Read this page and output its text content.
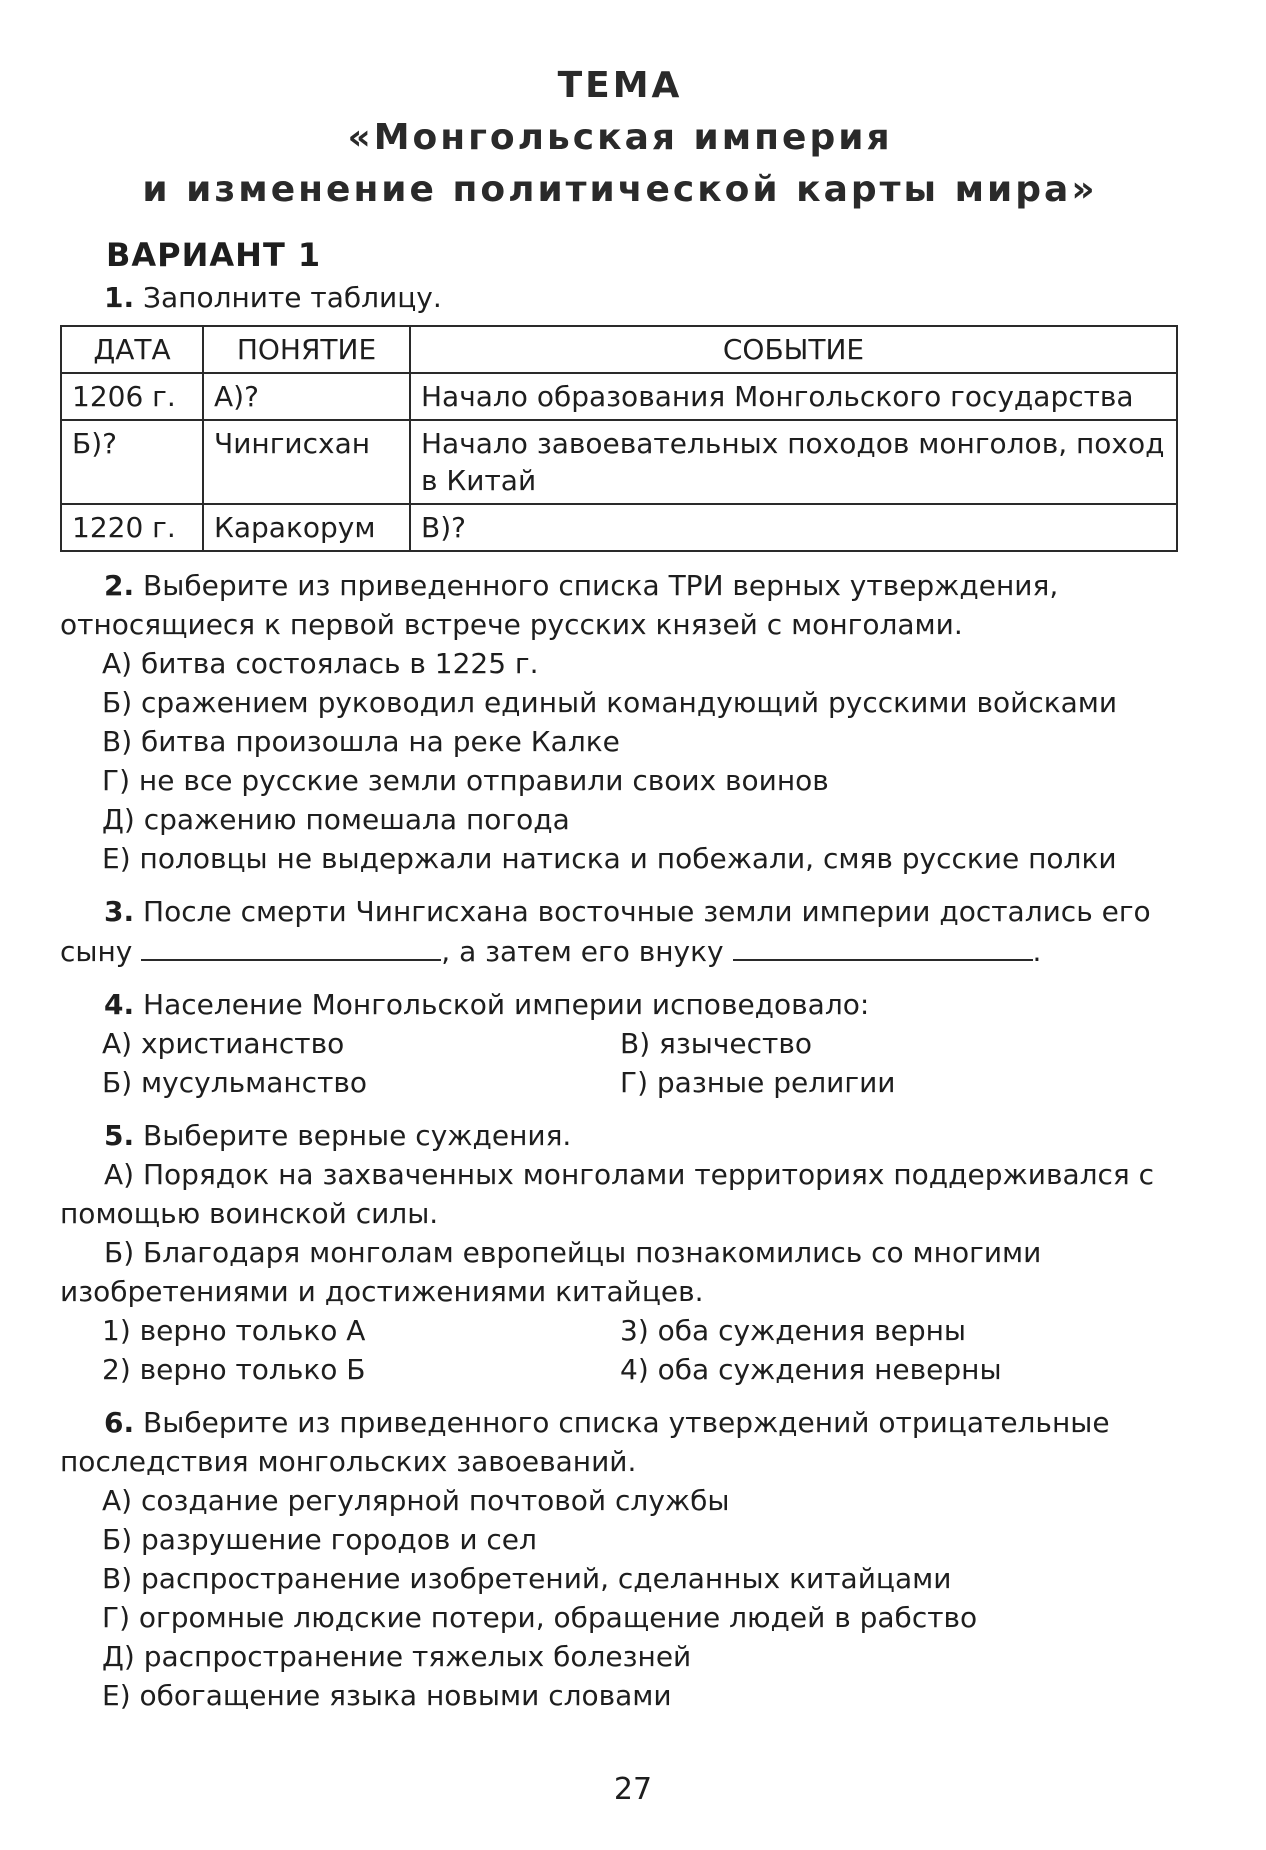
ТЕМА
«Монгольская империя
и изменение политической карты мира»
ВАРИАНТ 1
1. Заполните таблицу.
ДАТА	ПОНЯТИЕ	СОБЫТИЕ
1206 г.	А)?	Начало образования Монгольского государства
Б)?	Чингисхан	Начало завоевательных походов монголов, поход в Китай
1220 г.	Каракорум	В)?
2. Выберите из приведенного списка ТРИ верных утверждения, относящиеся к первой встрече русских князей с монголами.
А) битва состоялась в 1225 г.
Б) сражением руководил единый командующий русскими войсками
В) битва произошла на реке Калке
Г) не все русские земли отправили своих воинов
Д) сражению помешала погода
Е) половцы не выдержали натиска и побежали, смяв русские полки
3. После смерти Чингисхана восточные земли империи достались его
сыну	, а затем его внуку	.
4. Население Монгольской империи исповедовало:
А) христианство	В) язычество
Б) мусульманство	Г) разные религии
5. Выберите верные суждения.
А) Порядок на захваченных монголами территориях поддерживался с помощью воинской силы.
Б) Благодаря монголам европейцы познакомились со многими изобретениями и достижениями китайцев.
1) верно только А	3) оба суждения верны
2) верно только Б	4) оба суждения неверны
6. Выберите из приведенного списка утверждений отрицательные последствия монгольских завоеваний.
А) создание регулярной почтовой службы
Б) разрушение городов и сел
В) распространение изобретений, сделанных китайцами
Г) огромные людские потери, обращение людей в рабство
Д) распространение тяжелых болезней
Е) обогащение языка новыми словами
27
